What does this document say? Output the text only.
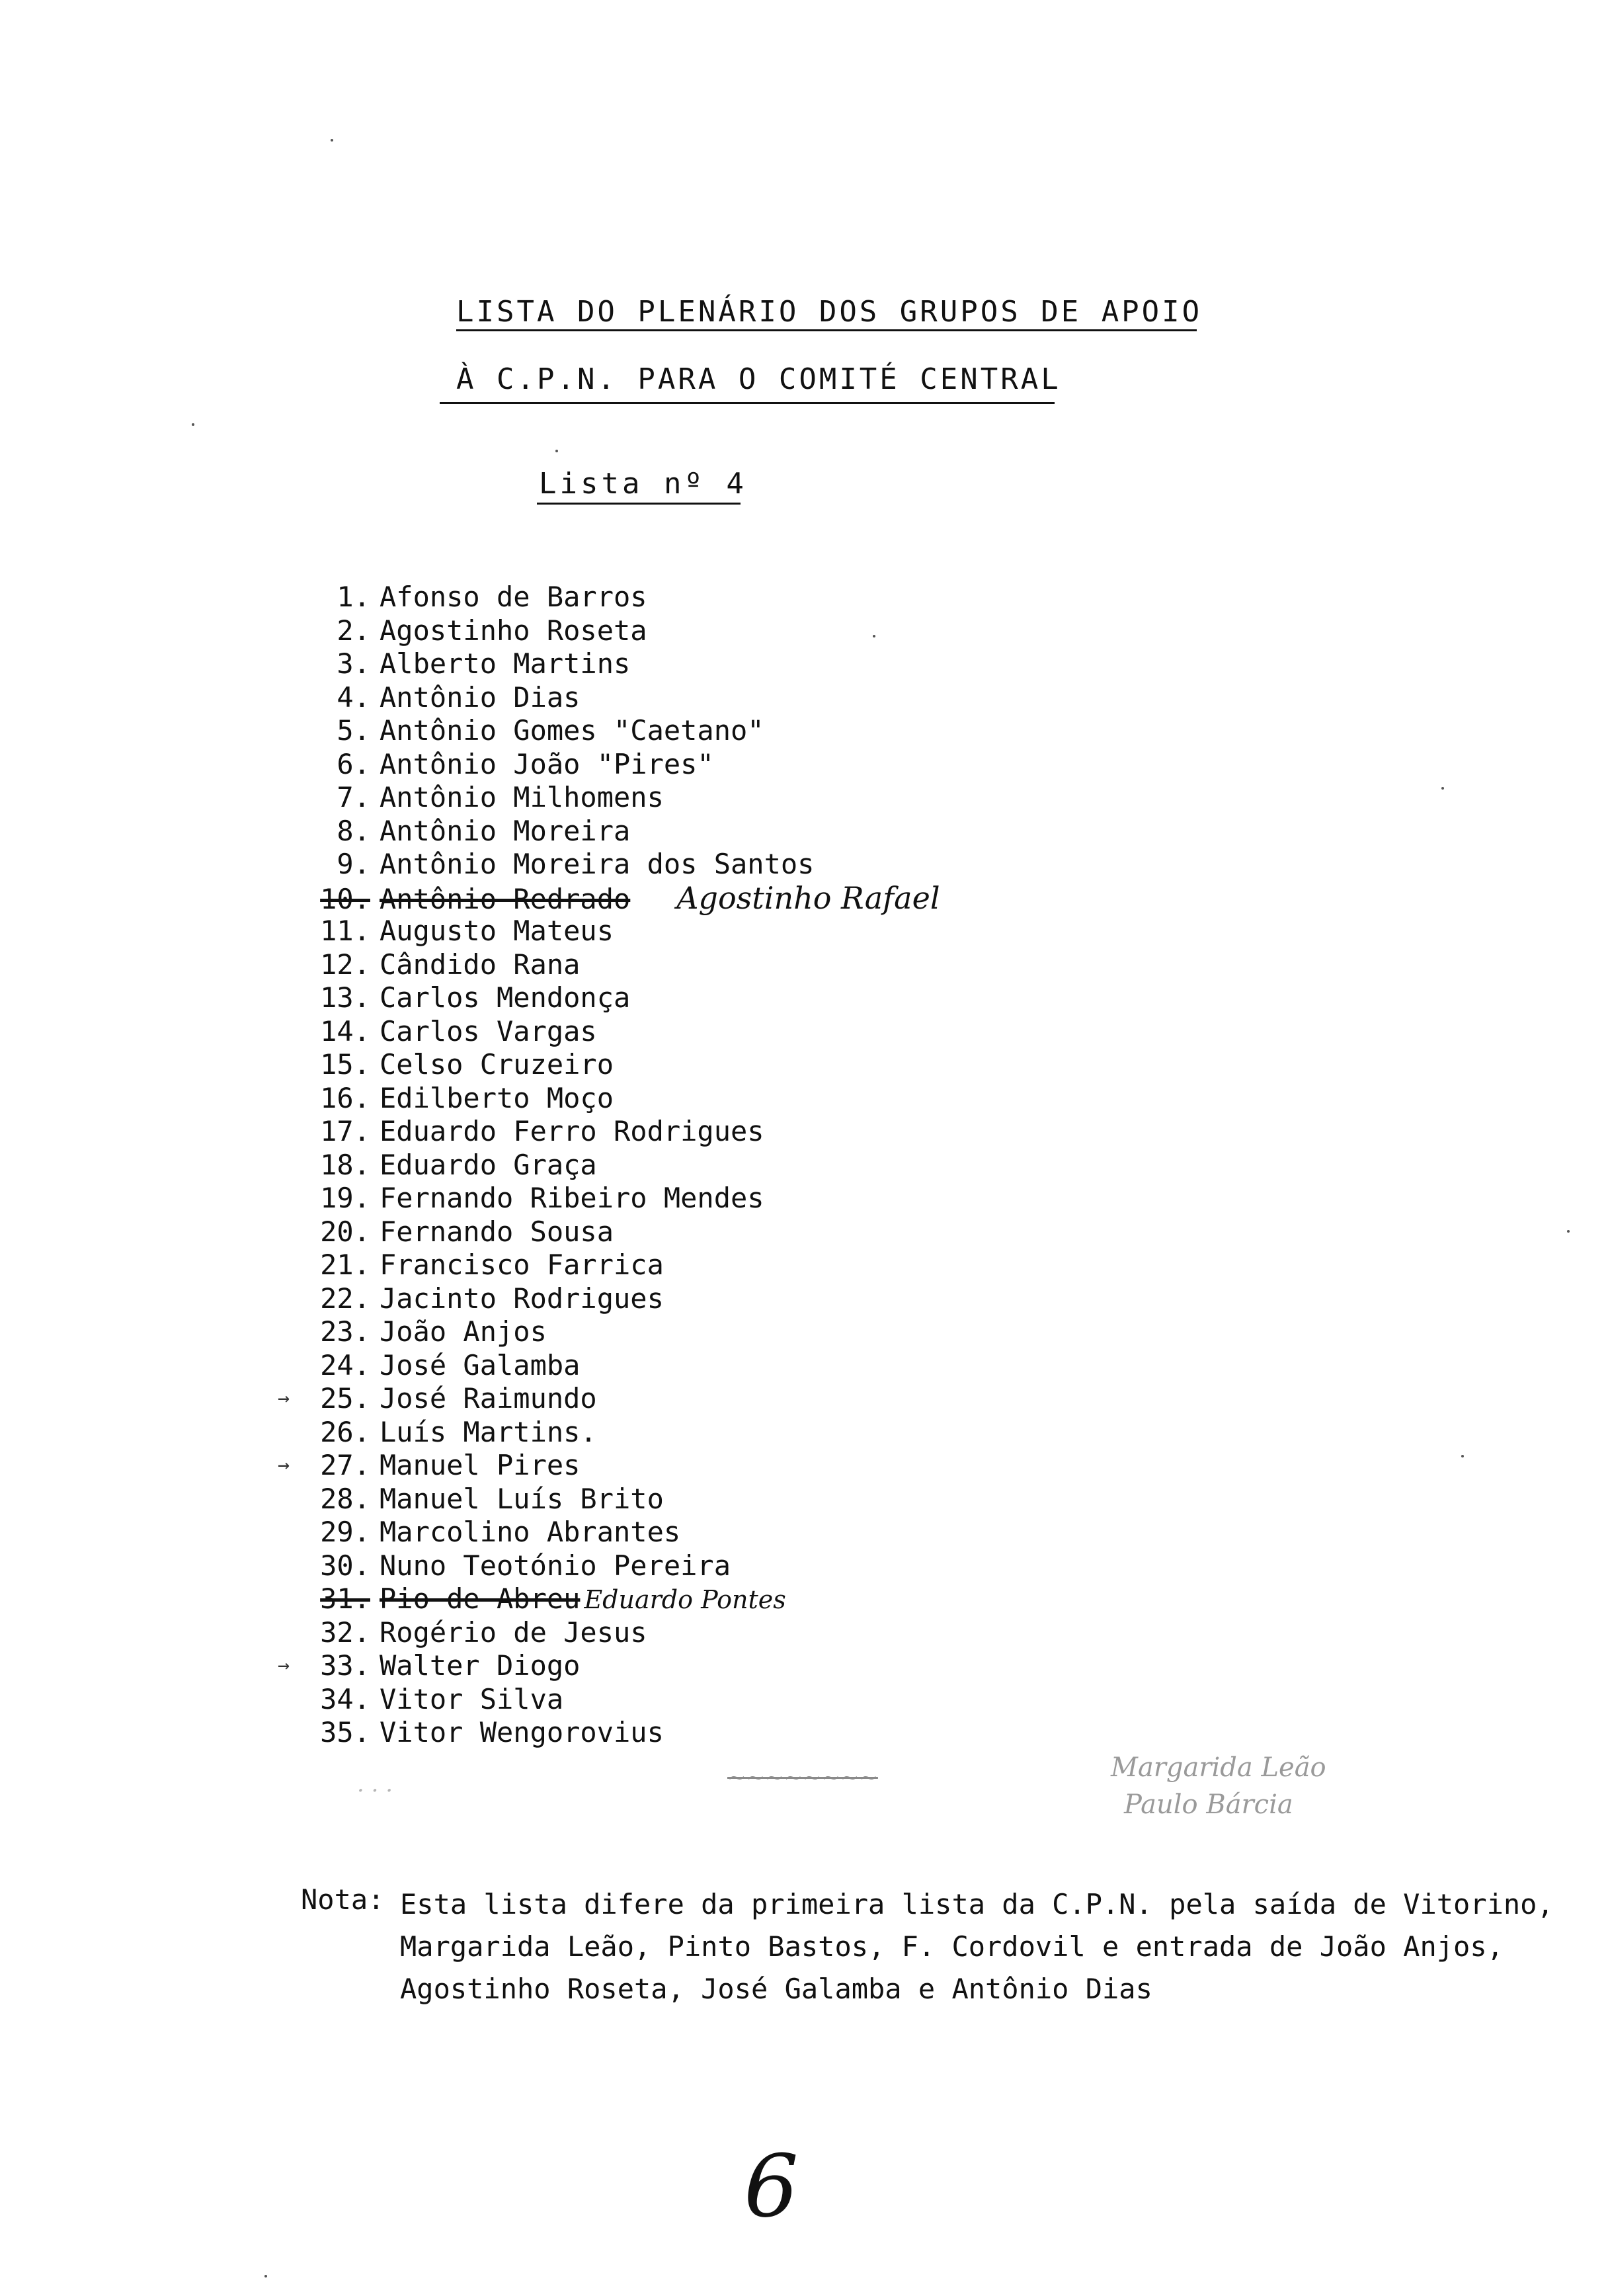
LISTA DO PLENÁRIO DOS GRUPOS DE APOIO
À C.P.N. PARA O COMITÉ CENTRAL
Lista nº 4
1. Afonso de Barros
2. Agostinho Roseta
3. Alberto Martins
4. Antônio Dias
5. Antônio Gomes "Caetano"
6. Antônio João "Pires"
7. Antônio Milhomens
8. Antônio Moreira
9. Antônio Moreira dos Santos
10. Antônio Redrado Agostinho Rafael
11. Augusto Mateus
12. Cândido Rana
13. Carlos Mendonça
14. Carlos Vargas
15. Celso Cruzeiro
16. Edilberto Moço
17. Eduardo Ferro Rodrigues
18. Eduardo Graça
19. Fernando Ribeiro Mendes
20. Fernando Sousa
21. Francisco Farrica
22. Jacinto Rodrigues
23. João Anjos
24. José Galamba
→ 25. José Raimundo
26. Luís Martins.
→ 27. Manuel Pires
28. Manuel Luís Brito
29. Marcolino Abrantes
30. Nuno Teotónio Pereira
31. Pio de Abreu Eduardo Pontes
32. Rogério de Jesus
→ 33. Walter Diogo
34. Vitor Silva
35. Vitor Wengorovius
· · ·	~~~~~~~~	Margarida Leão
Paulo Bárcia
Nota: Esta lista difere da primeira lista da C.P.N. pela saída de Vitorino, Margarida Leão, Pinto Bastos, F. Cordovil e entrada de João Anjos, Agostinho Roseta, José Galamba e Antônio Dias
6
